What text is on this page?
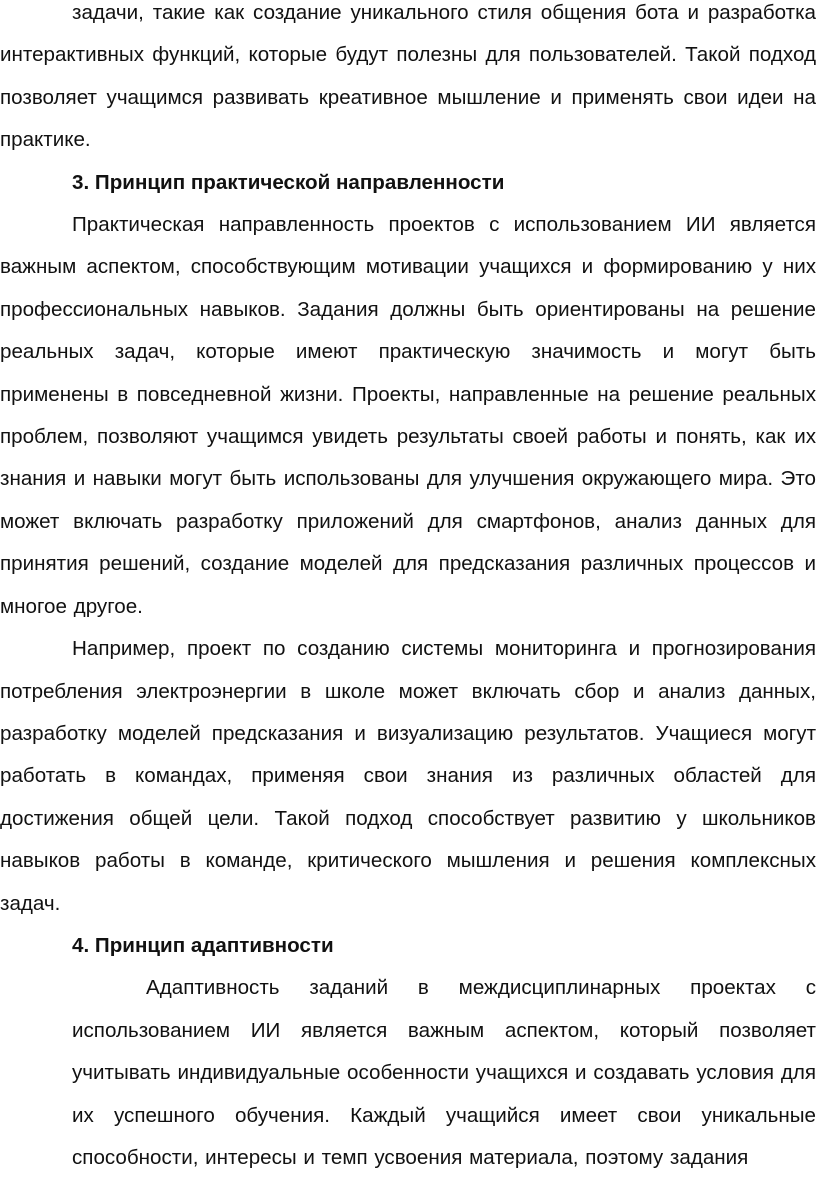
задачи, такие как создание уникального стиля общения бота и разработка интерактивных функций, которые будут полезны для пользователей. Такой подход позволяет учащимся развивать креативное мышление и применять свои идеи на практике.

3. Принцип практической направленности

Практическая направленность проектов с использованием ИИ является важным аспектом, способствующим мотивации учащихся и формированию у них профессиональных навыков. Задания должны быть ориентированы на решение реальных задач, которые имеют практическую значимость и могут быть применены в повседневной жизни. Проекты, направленные на решение реальных проблем, позволяют учащимся увидеть результаты своей работы и понять, как их знания и навыки могут быть использованы для улучшения окружающего мира. Это может включать разработку приложений для смартфонов, анализ данных для принятия решений, создание моделей для предсказания различных процессов и многое другое.

Например, проект по созданию системы мониторинга и прогнозирования потребления электроэнергии в школе может включать сбор и анализ данных, разработку моделей предсказания и визуализацию результатов. Учащиеся могут работать в командах, применяя свои знания из различных областей для достижения общей цели. Такой подход способствует развитию у школьников навыков работы в команде, критического мышления и решения комплексных задач.

4. Принцип адаптивности

Адаптивность заданий в междисциплинарных проектах с использованием ИИ является важным аспектом, который позволяет учитывать индивидуальные особенности учащихся и создавать условия для их успешного обучения. Каждый учащийся имеет свои уникальные способности, интересы и темп усвоения материала, поэтому задания
